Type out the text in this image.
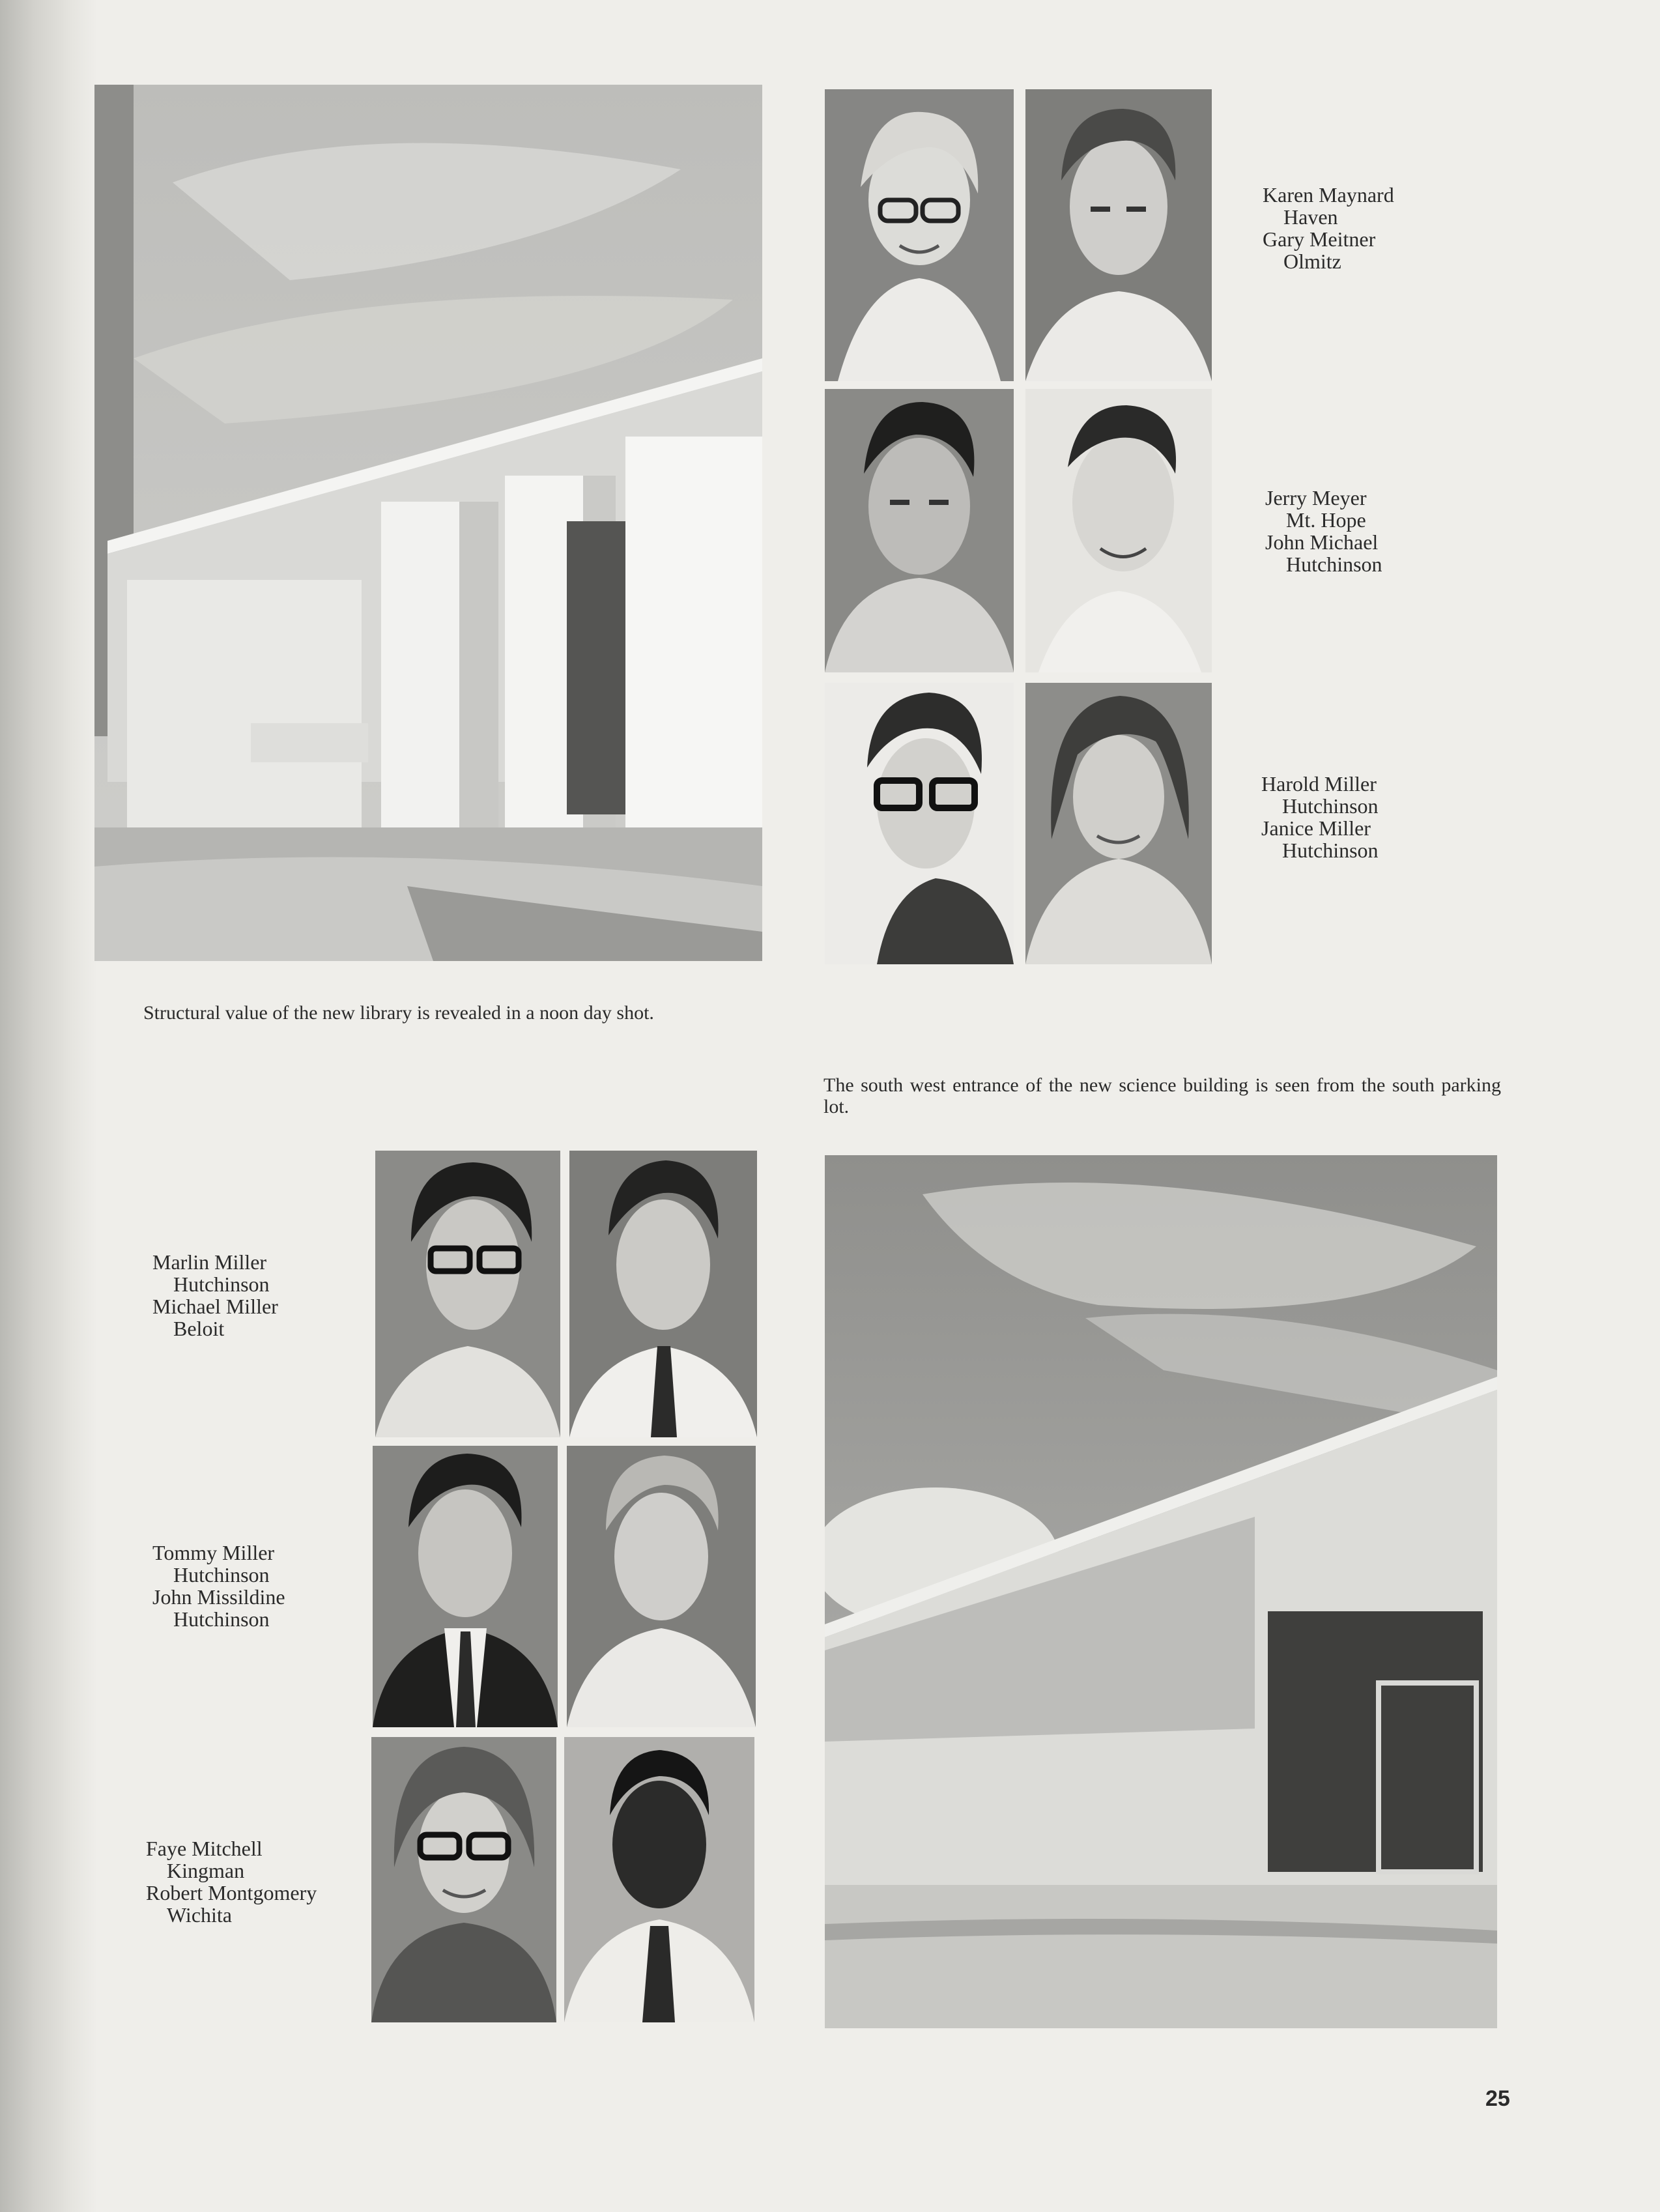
Structural value of the new library is revealed in a noon day shot.
Karen Maynard
Haven
Gary Meitner
Olmitz
Jerry Meyer
Mt. Hope
John Michael
Hutchinson
Harold Miller
Hutchinson
Janice Miller
Hutchinson
The south west entrance of the new science building is seen from the south parking lot.
Marlin Miller
Hutchinson
Michael Miller
Beloit
Tommy Miller
Hutchinson
John Missildine
Hutchinson
Faye Mitchell
Kingman
Robert Montgomery
Wichita
25
